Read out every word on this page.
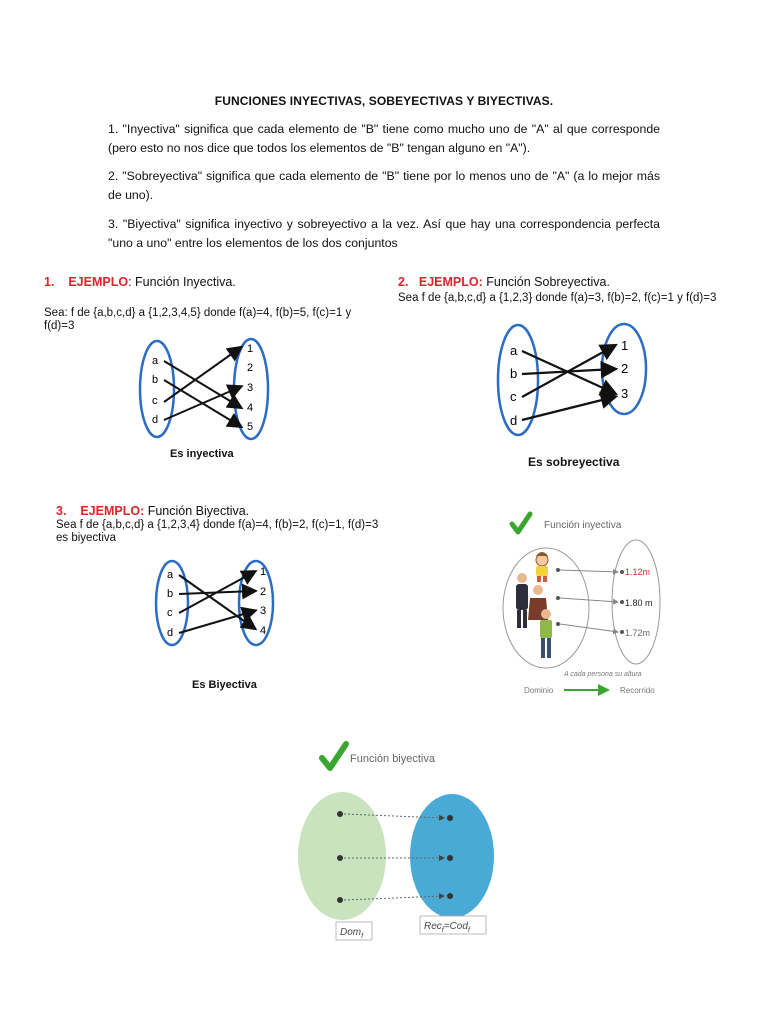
FUNCIONES INYECTIVAS, SOBEYECTIVAS Y BIYECTIVAS.
1. "Inyectiva" significa que cada elemento de "B" tiene como mucho uno de "A" al que corresponde (pero esto no nos dice que todos los elementos de "B" tengan alguno en "A").
2. "Sobreyectiva" significa que cada elemento de "B" tiene por lo menos uno de "A" (a lo mejor más de uno).
3. "Biyectiva" significa inyectivo y sobreyectivo a la vez. Así que hay una correspondencia perfecta "uno a uno" entre los elementos de los dos conjuntos
1. EJEMPLO: Función Inyectiva.
Sea: f de {a,b,c,d} a {1,2,3,4,5} donde f(a)=4, f(b)=5, f(c)=1 y f(d)=3
a
b
c
d
1
2
3
4
5
Es inyectiva
2. EJEMPLO: Función Sobreyectiva.
Sea f de {a,b,c,d} a {1,2,3} donde f(a)=3, f(b)=2, f(c)=1 y f(d)=3
a
b
c
d
1
2
3
Es sobreyectiva
3. EJEMPLO: Función Biyectiva.
Sea f de {a,b,c,d} a {1,2,3,4} donde f(a)=4, f(b)=2, f(c)=1, f(d)=3 es biyectiva
a
b
c
d
1
2
3
4
Es Biyectiva
Función inyectiva
1.12m
1.80 m
1.72m
A cada persona su altura
Dominio	Recorrido
Función biyectiva
Dom$_f$
Rec$_f$=Cod$_f$
